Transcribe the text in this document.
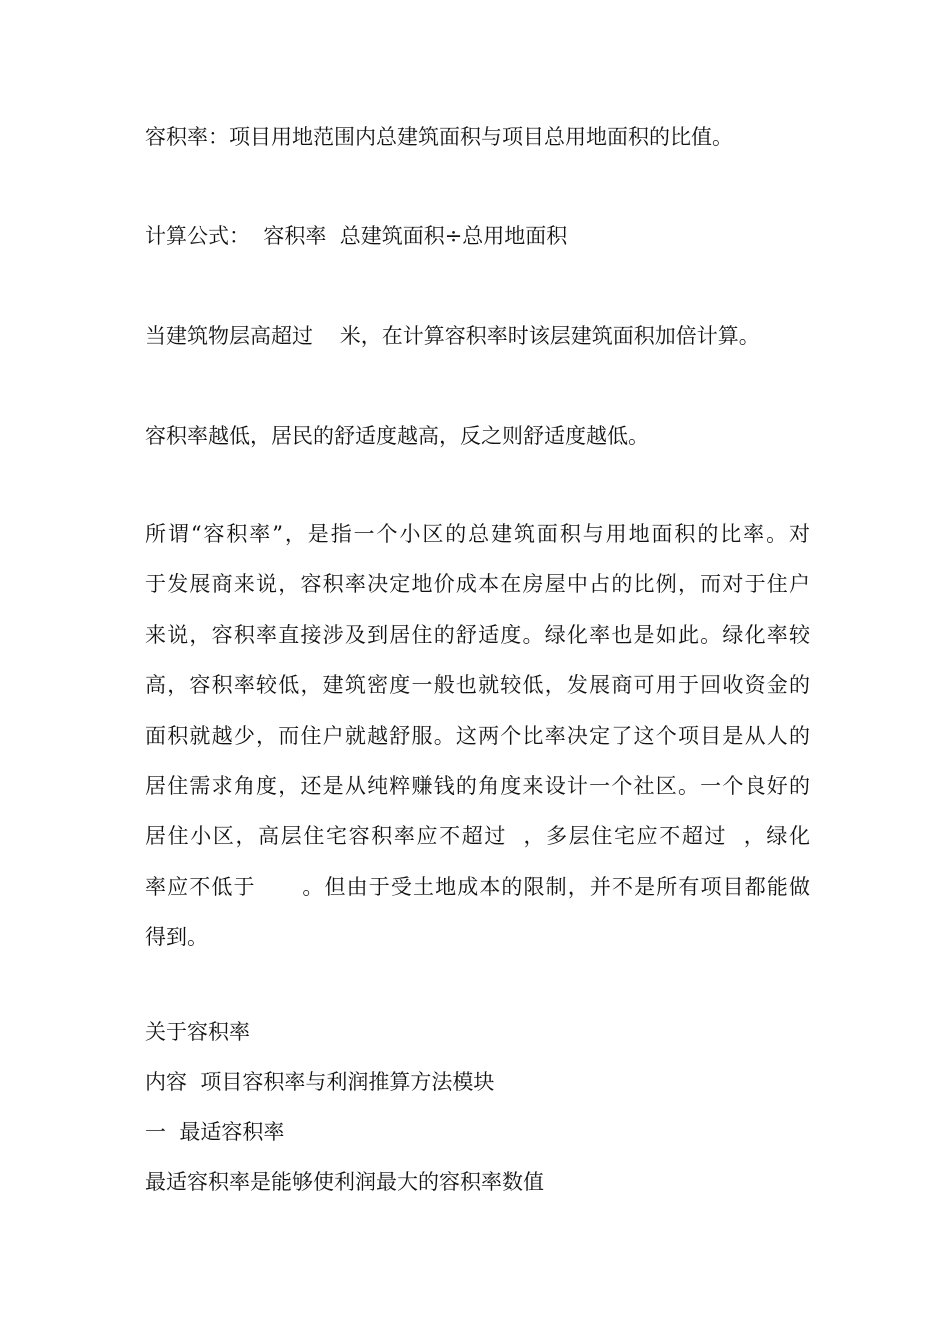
容积率：项目用地范围内总建筑面积与项目总用地面积的比值。

计算公式：  容积率  总建筑面积÷总用地面积

当建筑物层高超过    米，在计算容积率时该层建筑面积加倍计算。

容积率越低，居民的舒适度越高，反之则舒适度越低。

所谓“容积率”，是指一个小区的总建筑面积与用地面积的比率。对
于发展商来说，容积率决定地价成本在房屋中占的比例，而对于住户
来说，容积率直接涉及到居住的舒适度。绿化率也是如此。绿化率较
高，容积率较低，建筑密度一般也就较低，发展商可用于回收资金的
面积就越少，而住户就越舒服。这两个比率决定了这个项目是从人的
居住需求角度，还是从纯粹赚钱的角度来设计一个社区。一个良好的
居住小区，高层住宅容积率应不超过  ，多层住宅应不超过  ，绿化
率应不低于      。但由于受土地成本的限制，并不是所有项目都能做
得到。

关于容积率

内容  项目容积率与利润推算方法模块

一  最适容积率

最适容积率是能够使利润最大的容积率数值
